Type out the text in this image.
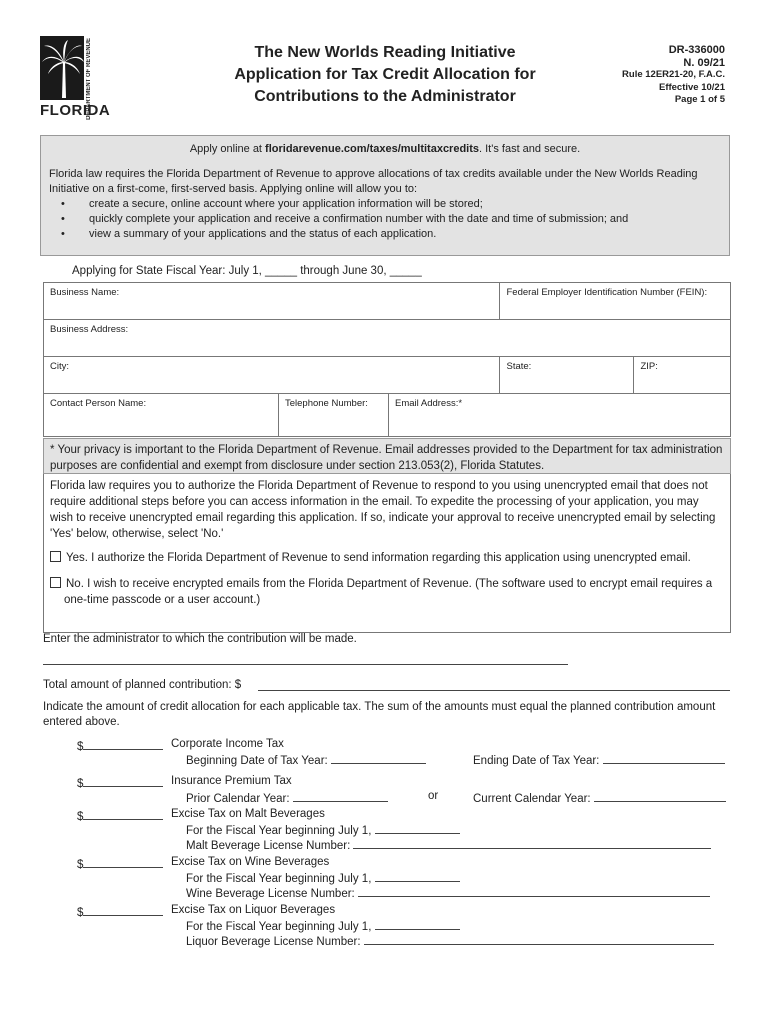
DEPARTMENT OF REVENUE
FLORIDA
The New Worlds Reading Initiative
Application for Tax Credit Allocation for
Contributions to the Administrator
DR-336000
N. 09/21
Rule 12ER21-20, F.A.C.
Effective 10/21
Page 1 of 5
Apply online at floridarevenue.com/taxes/multitaxcredits. It's fast and secure.
Florida law requires the Florida Department of Revenue to approve allocations of tax credits available under the New Worlds Reading Initiative on a first-come, first-served basis. Applying online will allow you to:
• create a secure, online account where your application information will be stored;
• quickly complete your application and receive a confirmation number with the date and time of submission; and
• view a summary of your applications and the status of each application.
Applying for State Fiscal Year: July 1, _____ through June 30, _____
Business Name:			Federal Employer Identification Number (FEIN):	
Business Address:				
City:			State:	ZIP:
Contact Person Name:	Telephone Number:	Email Address:*		
* Your privacy is important to the Florida Department of Revenue. Email addresses provided to the Department for tax administration purposes are confidential and exempt from disclosure under section 213.053(2), Florida Statutes.

Florida law requires you to authorize the Florida Department of Revenue to respond to you using unencrypted email that does not require additional steps before you can access information in the email. To expedite the processing of your application, you may wish to receive unencrypted email regarding this application. If so, indicate your approval to receive unencrypted email by selecting 'Yes' below, otherwise, select 'No.'

Yes. I authorize the Florida Department of Revenue to send information regarding this application using unencrypted email.
No. I wish to receive encrypted emails from the Florida Department of Revenue. (The software used to encrypt email requires a one-time passcode or a user account.)
Enter the administrator to which the contribution will be made.
Total amount of planned contribution: $
Indicate the amount of credit allocation for each applicable tax. The sum of the amounts must equal the planned contribution amount entered above.
$	Corporate Income Tax
Beginning Date of Tax Year:	Ending Date of Tax Year:
$	Insurance Premium Tax
Prior Calendar Year:	or	Current Calendar Year:
$	Excise Tax on Malt Beverages
For the Fiscal Year beginning July 1,
Malt Beverage License Number:
$	Excise Tax on Wine Beverages
For the Fiscal Year beginning July 1,
Wine Beverage License Number:
$	Excise Tax on Liquor Beverages
For the Fiscal Year beginning July 1,
Liquor Beverage License Number:
